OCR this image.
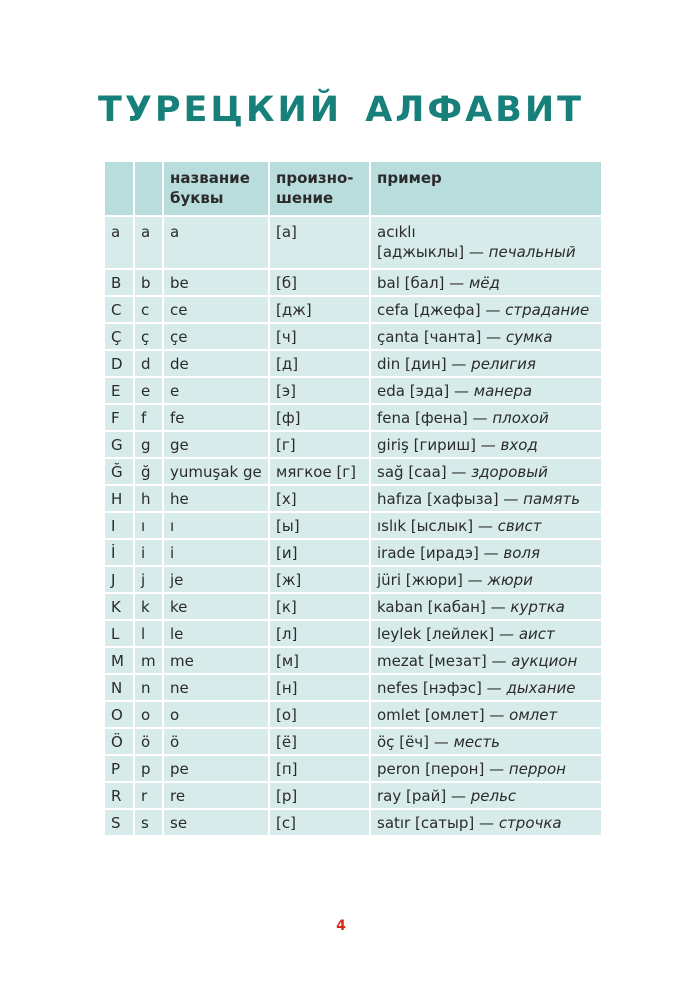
ТУРЕЦКИЙ АЛФАВИТ
		название буквы	произно-шение	пример
a	a	a	[а]	acıklı
[аджыклы] — печальный
B	b	be	[б]	bal [бал] — мёд
C	c	ce	[дж]	cefa [джефа] — страдание
Ç	ç	çe	[ч]	çanta [чанта] — сумка
D	d	de	[д]	din [дин] — религия
E	e	e	[э]	eda [эда] — манера
F	f	fe	[ф]	fena [фена] — плохой
G	g	ge	[г]	giriş [гириш] — вход
Ğ	ğ	yumuşak ge	мягкое [г]	sağ [саа] — здоровый
H	h	he	[х]	hafıza [хафыза] — память
I	ı	ı	[ы]	ıslık [ыслык] — свист
İ	i	i	[и]	irade [ирадэ] — воля
J	j	je	[ж]	jüri [жюри] — жюри
K	k	ke	[к]	kaban [кабан] — куртка
L	l	le	[л]	leylek [лейлек] — аист
M	m	me	[м]	mezat [мезат] — аукцион
N	n	ne	[н]	nefes [нэфэс] — дыхание
O	o	o	[о]	omlet [омлет] — омлет
Ö	ö	ö	[ё]	öç [ёч] — месть
P	p	pe	[п]	peron [перон] — перрон
R	r	re	[р]	ray [рай] — рельс
S	s	se	[с]	satır [сатыр] — строчка
4
